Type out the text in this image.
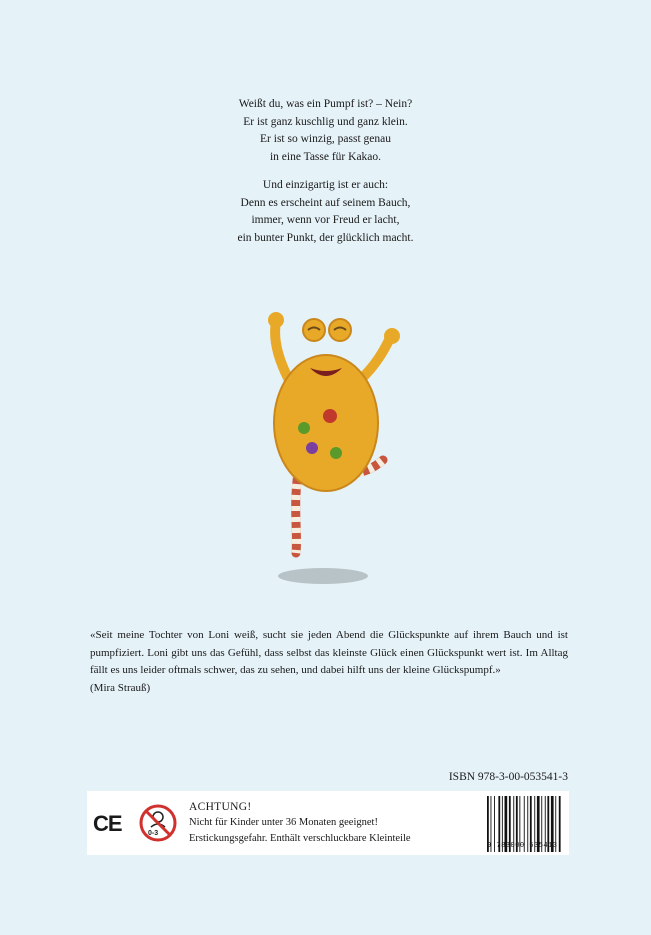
Weißt du, was ein Pumpf ist? – Nein?
Er ist ganz kuschlig und ganz klein.
Er ist so winzig, passt genau
in eine Tasse für Kakao.
Und einzigartig ist er auch:
Denn es erscheint auf seinem Bauch,
immer, wenn vor Freud er lacht,
ein bunter Punkt, der glücklich macht.
«Seit meine Tochter von Loni weiß, sucht sie jeden Abend die Glückspunkte auf ihrem Bauch und ist pumpfiziert. Loni gibt uns das Gefühl, dass selbst das kleinste Glück einen Glückspunkt wert ist. Im Alltag fällt es uns leider oftmals schwer, das zu sehen, und dabei hilft uns der kleine Glückspumpf.»
(Mira Strauß)
ISBN 978-3-00-053541-3
CE	0-3
ACHTUNG!
Nicht für Kinder unter 36 Monaten geeignet!
Erstickungsgefahr. Enthält verschluckbare Kleinteile
9 783000 535413
